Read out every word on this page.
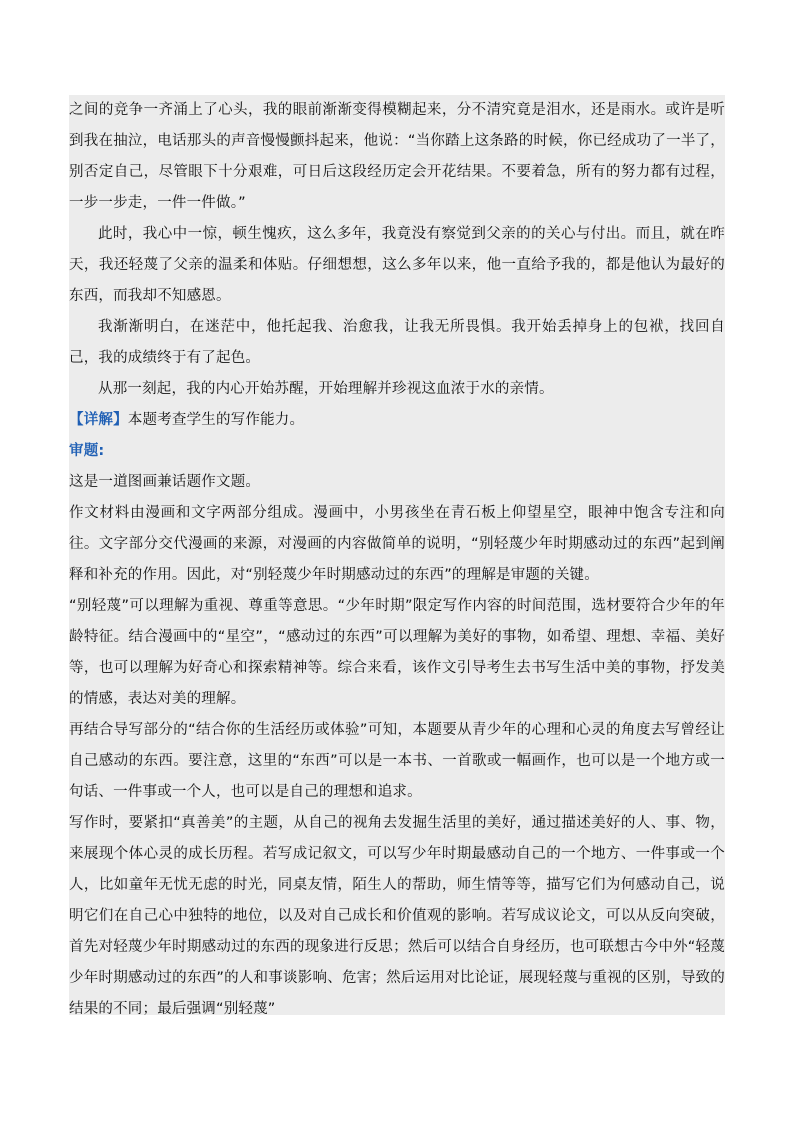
之间的竞争一齐涌上了心头，我的眼前渐渐变得模糊起来，分不清究竟是泪水，还是雨水。或许是听到我在抽泣，电话那头的声音慢慢颤抖起来，他说：“当你踏上这条路的时候，你已经成功了一半了，别否定自己，尽管眼下十分艰难，可日后这段经历定会开花结果。不要着急，所有的努力都有过程，一步一步走，一件一件做。”

此时，我心中一惊，顿生愧疚，这么多年，我竟没有察觉到父亲的的关心与付出。而且，就在昨天，我还轻蔑了父亲的温柔和体贴。仔细想想，这么多年以来，他一直给予我的，都是他认为最好的东西，而我却不知感恩。

我渐渐明白，在迷茫中，他托起我、治愈我，让我无所畏惧。我开始丢掉身上的包袱，找回自己，我的成绩终于有了起色。

从那一刻起，我的内心开始苏醒，开始理解并珍视这血浓于水的亲情。

【详解】本题考查学生的写作能力。

审题:

这是一道图画兼话题作文题。

作文材料由漫画和文字两部分组成。漫画中，小男孩坐在青石板上仰望星空，眼神中饱含专注和向往。文字部分交代漫画的来源，对漫画的内容做简单的说明，“别轻蔑少年时期感动过的东西”起到阐释和补充的作用。因此，对“别轻蔑少年时期感动过的东西”的理解是审题的关键。

“别轻蔑”可以理解为重视、尊重等意思。“少年时期”限定写作内容的时间范围，选材要符合少年的年龄特征。结合漫画中的“星空”，“感动过的东西”可以理解为美好的事物，如希望、理想、幸福、美好等，也可以理解为好奇心和探索精神等。综合来看，该作文引导考生去书写生活中美的事物，抒发美的情感，表达对美的理解。

再结合导写部分的“结合你的生活经历或体验”可知，本题要从青少年的心理和心灵的角度去写曾经让自己感动的东西。要注意，这里的“东西”可以是一本书、一首歌或一幅画作，也可以是一个地方或一句话、一件事或一个人，也可以是自己的理想和追求。

写作时，要紧扣“真善美”的主题，从自己的视角去发掘生活里的美好，通过描述美好的人、事、物，来展现个体心灵的成长历程。若写成记叙文，可以写少年时期最感动自己的一个地方、一件事或一个人，比如童年无忧无虑的时光，同桌友情，陌生人的帮助，师生情等等，描写它们为何感动自己，说明它们在自己心中独特的地位，以及对自己成长和价值观的影响。若写成议论文，可以从反向突破，首先对轻蔑少年时期感动过的东西的现象进行反思；然后可以结合自身经历，也可联想古今中外“轻蔑少年时期感动过的东西”的人和事谈影响、危害；然后运用对比论证，展现轻蔑与重视的区别，导致的结果的不同；最后强调“别轻蔑”
